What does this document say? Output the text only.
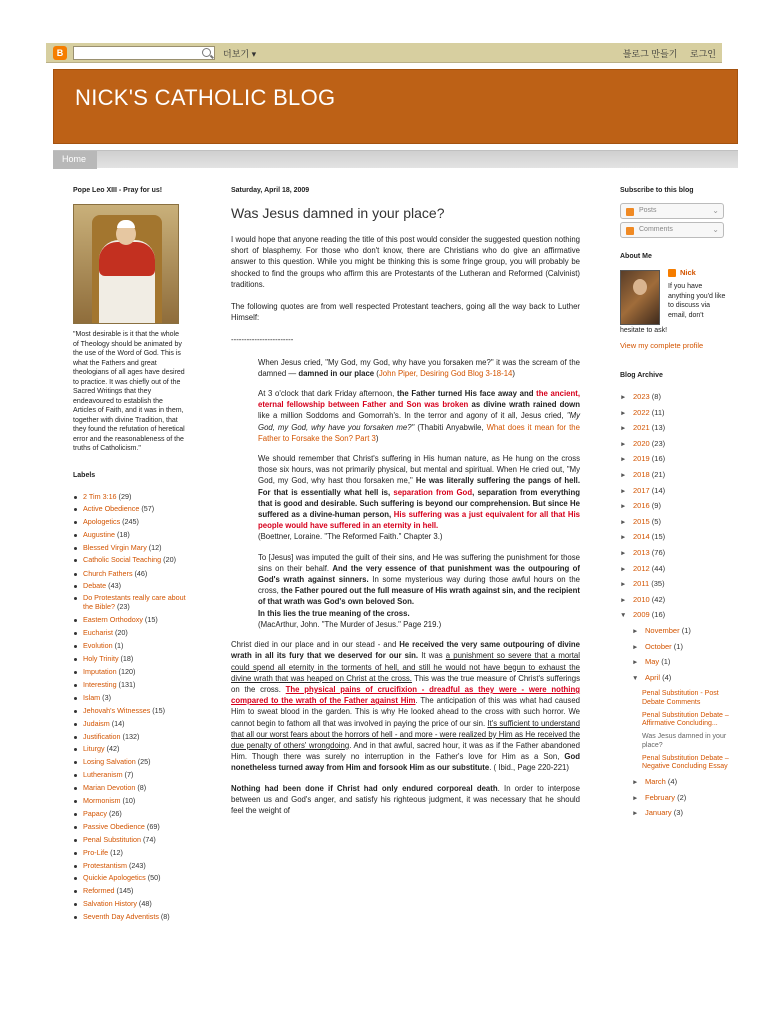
B	더보기 ▾	블로그 만들기 로그인
NICK'S CATHOLIC BLOG
Home
Pope Leo XIII - Pray for us!
"Most desirable is it that the whole of Theology should be animated by the use of the Word of God. This is what the Fathers and great theologians of all ages have desired to practice. It was chiefly out of the Sacred Writings that they endeavoured to establish the Articles of Faith, and it was in them, together with divine Tradition, that they found the refutation of heretical error and the reasonableness of the truths of Catholicism."
Labels
2 Tim 3:16 (29)
Active Obedience (57)
Apologetics (245)
Augustine (18)
Blessed Virgin Mary (12)
Catholic Social Teaching (20)
Church Fathers (46)
Debate (43)
Do Protestants really care about the Bible? (23)
Eastern Orthodoxy (15)
Eucharist (20)
Evolution (1)
Holy Trinity (18)
Imputation (120)
Interesting (131)
Islam (3)
Jehovah's Witnesses (15)
Judaism (14)
Justification (132)
Liturgy (42)
Losing Salvation (25)
Lutheranism (7)
Marian Devotion (8)
Mormonism (10)
Papacy (26)
Passive Obedience (69)
Penal Substitution (74)
Pro-Life (12)
Protestantism (243)
Quickie Apologetics (50)
Reformed (145)
Salvation History (48)
Seventh Day Adventists (8)
Saturday, April 18, 2009
Was Jesus damned in your place?

I would hope that anyone reading the title of this post would consider the suggested question nothing short of blasphemy. For those who don't know, there are Christians who do give an affirmative answer to this question. While you might be thinking this is some fringe group, you will probably be shocked to find the groups who affirm this are Protestants of the Lutheran and Reformed (Calvinist) traditions.

The following quotes are from well respected Protestant teachers, going all the way back to Luther Himself:

------------------------

When Jesus cried, "My God, my God, why have you forsaken me?" it was the scream of the damned — damned in our place (John Piper, Desiring God Blog 3-18-14)

At 3 o'clock that dark Friday afternoon, the Father turned His face away and the ancient, eternal fellowship between Father and Son was broken as divine wrath rained down like a million Soddoms and Gomorrah's. In the terror and agony of it all, Jesus cried, "My God, my God, why have you forsaken me?" (Thabiti Anyabwile, What does it mean for the Father to Forsake the Son? Part 3)

We should remember that Christ's suffering in His human nature, as He hung on the cross those six hours, was not primarily physical, but mental and spiritual. When He cried out, "My God, my God, why hast thou forsaken me," He was literally suffering the pangs of hell. For that is essentially what hell is, separation from God, separation from everything that is good and desirable. Such suffering is beyond our comprehension. But since He suffered as a divine-human person, His suffering was a just equivalent for all that His people would have suffered in an eternity in hell.
(Boettner, Loraine. "The Reformed Faith." Chapter 3.)

To [Jesus] was imputed the guilt of their sins, and He was suffering the punishment for those sins on their behalf. And the very essence of that punishment was the outpouring of God's wrath against sinners. In some mysterious way during those awful hours on the cross, the Father poured out the full measure of His wrath against sin, and the recipient of that wrath was God's own beloved Son.
In this lies the true meaning of the cross.
(MacArthur, John. "The Murder of Jesus." Page 219.)

Christ died in our place and in our stead - and He received the very same outpouring of divine wrath in all its fury that we deserved for our sin. It was a punishment so severe that a mortal could spend all eternity in the torments of hell, and still he would not have begun to exhaust the divine wrath that was heaped on Christ at the cross. This was the true measure of Christ's sufferings on the cross. The physical pains of crucifixion - dreadful as they were - were nothing compared to the wrath of the Father against Him. The anticipation of this was what had caused Him to sweat blood in the garden. This is why He looked ahead to the cross with such horror. We cannot begin to fathom all that was involved in paying the price of our sin. It's sufficient to understand that all our worst fears about the horrors of hell - and more - were realized by Him as He received the due penalty of others' wrongdoing. And in that awful, sacred hour, it was as if the Father abandoned Him. Though there was surely no interruption in the Father's love for Him as a Son, God nonetheless turned away from Him and forsook Him as our substitute. ( Ibid., Page 220-221)

Nothing had been done if Christ had only endured corporeal death. In order to interpose between us and God's anger, and satisfy his righteous judgment, it was necessary that he should feel the weight of

Subscribe to this blog
Posts	⌄
Comments	⌄
About Me
Nick
If you have anything you'd like to discuss via email, don't
hesitate to ask!
View my complete profile
Blog Archive
► 2023 (8)
► 2022 (11)
► 2021 (13)
► 2020 (23)
► 2019 (16)
► 2018 (21)
► 2017 (14)
► 2016 (9)
► 2015 (5)
► 2014 (15)
► 2013 (76)
► 2012 (44)
► 2011 (35)
► 2010 (42)
▼ 2009 (16)
► November (1)
► October (1)
► May (1)
▼ April (4)
Penal Substitution - Post Debate Comments
Penal Substitution Debate – Affirmative Concluding...
Was Jesus damned in your place?
Penal Substitution Debate – Negative Concluding Essay
► March (4)
► February (2)
► January (3)
